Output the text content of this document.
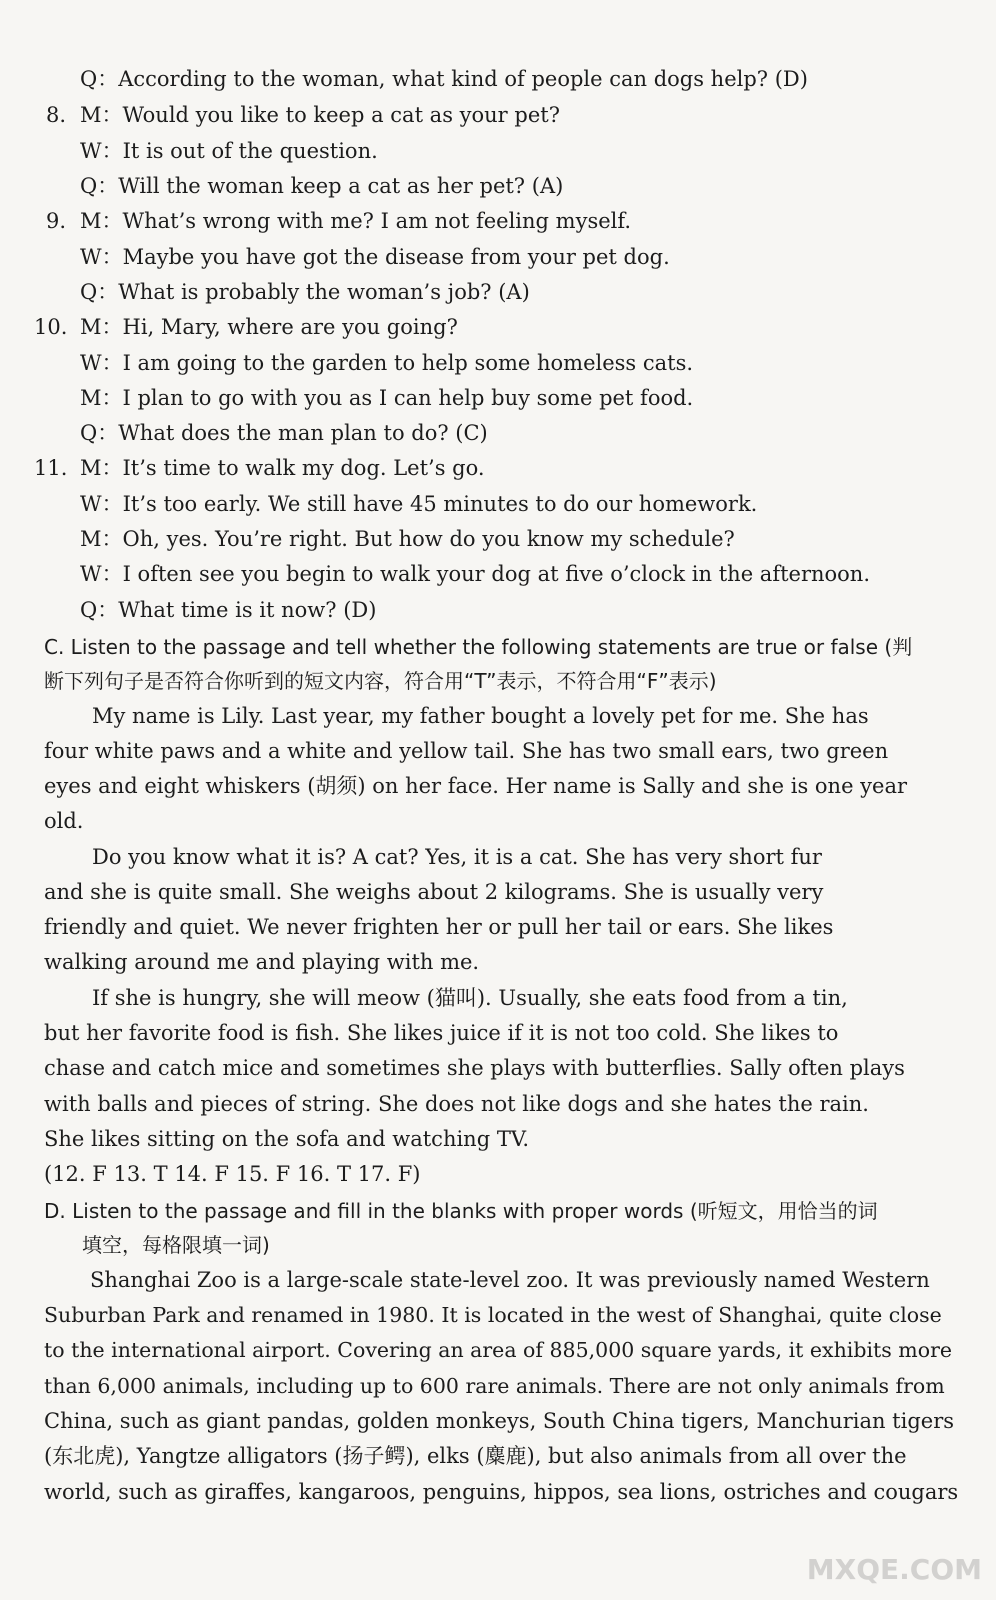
Q：According to the woman, what kind of people can dogs help? (D)
8. M：Would you like to keep a cat as your pet?
W：It is out of the question.
Q：Will the woman keep a cat as her pet? (A)
9. M：What’s wrong with me? I am not feeling myself.
W：Maybe you have got the disease from your pet dog.
Q：What is probably the woman’s job? (A)
10. M：Hi, Mary, where are you going?
W：I am going to the garden to help some homeless cats.
M：I plan to go with you as I can help buy some pet food.
Q：What does the man plan to do? (C)
11. M：It’s time to walk my dog. Let’s go.
W：It’s too early. We still have 45 minutes to do our homework.
M：Oh, yes. You’re right. But how do you know my schedule?
W：I often see you begin to walk your dog at five o’clock in the afternoon.
Q：What time is it now? (D)
C. Listen to the passage and tell whether the following statements are true or false (判
断下列句子是否符合你听到的短文内容，符合用“T”表示，不符合用“F”表示)
My name is Lily. Last year, my father bought a lovely pet for me. She has
four white paws and a white and yellow tail. She has two small ears, two green
eyes and eight whiskers (胡须) on her face. Her name is Sally and she is one year
old.
Do you know what it is? A cat? Yes, it is a cat. She has very short fur
and she is quite small. She weighs about 2 kilograms. She is usually very
friendly and quiet. We never frighten her or pull her tail or ears. She likes
walking around me and playing with me.
If she is hungry, she will meow (猫叫). Usually, she eats food from a tin,
but her favorite food is fish. She likes juice if it is not too cold. She likes to
chase and catch mice and sometimes she plays with butterflies. Sally often plays
with balls and pieces of string. She does not like dogs and she hates the rain.
She likes sitting on the sofa and watching TV.
(12. F 13. T 14. F 15. F 16. T 17. F)
D. Listen to the passage and fill in the blanks with proper words (听短文，用恰当的词
填空，每格限填一词)
Shanghai Zoo is a large-scale state-level zoo. It was previously named Western
Suburban Park and renamed in 1980. It is located in the west of Shanghai, quite close
to the international airport. Covering an area of 885,000 square yards, it exhibits more
than 6,000 animals, including up to 600 rare animals. There are not only animals from
China, such as giant pandas, golden monkeys, South China tigers, Manchurian tigers
(东北虎), Yangtze alligators (扬子鳄), elks (麋鹿), but also animals from all over the
world, such as giraffes, kangaroos, penguins, hippos, sea lions, ostriches and cougars
MXQE.COM
